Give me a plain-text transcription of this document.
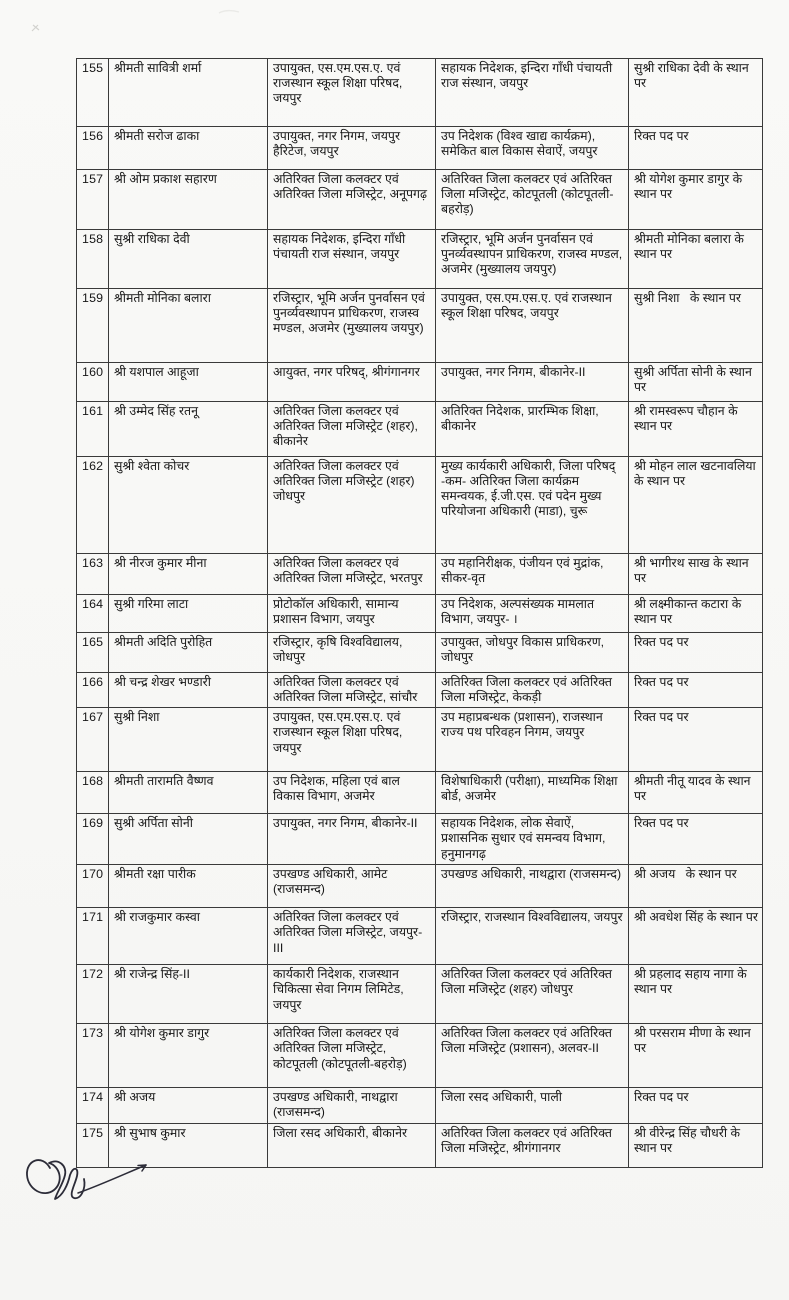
155	श्रीमती सावित्री शर्मा	उपायुक्त, एस.एम.एस.ए. एवं राजस्थान स्कूल शिक्षा परिषद, जयपुर	सहायक निदेशक, इन्दिरा गाँधी पंचायती राज संस्थान, जयपुर	सुश्री राधिका देवी के स्थान पर
156	श्रीमती सरोज ढाका	उपायुक्त, नगर निगम, जयपुर हैरिटेज, जयपुर	उप निदेशक (विश्व खाद्य कार्यक्रम), समेकित बाल विकास सेवाऐं, जयपुर	रिक्त पद पर
157	श्री ओम प्रकाश सहारण	अतिरिक्त जिला कलक्टर एवं अतिरिक्त जिला मजिस्ट्रेट, अनूपगढ़	अतिरिक्त जिला कलक्टर एवं अतिरिक्त जिला मजिस्ट्रेट, कोटपूतली (कोटपूतली-बहरोड़)	श्री योगेश कुमार डागुर के स्थान पर
158	सुश्री राधिका देवी	सहायक निदेशक, इन्दिरा गाँधी पंचायती राज संस्थान, जयपुर	रजिस्ट्रार, भूमि अर्जन पुनर्वासन एवं पुनर्व्यवस्थापन प्राधिकरण, राजस्व मण्डल, अजमेर (मुख्यालय जयपुर)	श्रीमती मोनिका बलारा के स्थान पर
159	श्रीमती मोनिका बलारा	रजिस्ट्रार, भूमि अर्जन पुनर्वासन एवं पुनर्व्यवस्थापन प्राधिकरण, राजस्व मण्डल, अजमेर (मुख्यालय जयपुर)	उपायुक्त, एस.एम.एस.ए. एवं राजस्थान स्कूल शिक्षा परिषद, जयपुर	सुश्री निशा   के स्थान पर
160	श्री यशपाल आहूजा	आयुक्त, नगर परिषद्, श्रीगंगानगर	उपायुक्त, नगर निगम, बीकानेर-II	सुश्री अर्पिता सोनी के स्थान पर
161	श्री उम्मेद सिंह रतनू	अतिरिक्त जिला कलक्टर एवं अतिरिक्त जिला मजिस्ट्रेट (शहर), बीकानेर	अतिरिक्त निदेशक, प्रारम्भिक शिक्षा, बीकानेर	श्री रामस्वरूप चौहान के स्थान पर
162	सुश्री श्वेता कोचर	अतिरिक्त जिला कलक्टर एवं अतिरिक्त जिला मजिस्ट्रेट (शहर) जोधपुर	मुख्य कार्यकारी अधिकारी, जिला परिषद् -कम- अतिरिक्त जिला कार्यक्रम समन्वयक, ई.जी.एस. एवं पदेन मुख्य परियोजना अधिकारी (माडा), चुरू	श्री मोहन लाल खटनावलिया के स्थान पर
163	श्री नीरज कुमार मीना	अतिरिक्त जिला कलक्टर एवं अतिरिक्त जिला मजिस्ट्रेट, भरतपुर	उप महानिरीक्षक, पंजीयन एवं मुद्रांक, सीकर-वृत	श्री भागीरथ साख के स्थान पर
164	सुश्री गरिमा लाटा	प्रोटोकॉल अधिकारी, सामान्य प्रशासन विभाग, जयपुर	उप निदेशक, अल्पसंख्यक मामलात विभाग, जयपुर- ।	श्री लक्ष्मीकान्त कटारा के स्थान पर
165	श्रीमती अदिति पुरोहित	रजिस्ट्रार, कृषि विश्वविद्यालय, जोधपुर	उपायुक्त, जोधपुर विकास प्राधिकरण, जोधपुर	रिक्त पद पर
166	श्री चन्द्र शेखर भण्डारी	अतिरिक्त जिला कलक्टर एवं अतिरिक्त जिला मजिस्ट्रेट, सांचौर	अतिरिक्त जिला कलक्टर एवं अतिरिक्त जिला मजिस्ट्रेट, केकड़ी	रिक्त पद पर
167	सुश्री निशा	उपायुक्त, एस.एम.एस.ए. एवं राजस्थान स्कूल शिक्षा परिषद, जयपुर	उप महाप्रबन्धक (प्रशासन), राजस्थान राज्य पथ परिवहन निगम, जयपुर	रिक्त पद पर
168	श्रीमती तारामति वैष्णव	उप निदेशक, महिला एवं बाल विकास विभाग, अजमेर	विशेषाधिकारी (परीक्षा), माध्यमिक शिक्षा बोर्ड, अजमेर	श्रीमती नीतू यादव के स्थान पर
169	सुश्री अर्पिता सोनी	उपायुक्त, नगर निगम, बीकानेर-II	सहायक निदेशक, लोक सेवाऐं, प्रशासनिक सुधार एवं समन्वय विभाग, हनुमानगढ़	रिक्त पद पर
170	श्रीमती रक्षा पारीक	उपखण्ड अधिकारी, आमेट (राजसमन्द)	उपखण्ड अधिकारी, नाथद्वारा (राजसमन्द)	श्री अजय   के स्थान पर
171	श्री राजकुमार कस्वा	अतिरिक्त जिला कलक्टर एवं अतिरिक्त जिला मजिस्ट्रेट, जयपुर-III	रजिस्ट्रार, राजस्थान विश्वविद्यालय, जयपुर	श्री अवधेश सिंह के स्थान पर
172	श्री राजेन्द्र सिंह-II	कार्यकारी निदेशक, राजस्थान चिकित्सा सेवा निगम लिमिटेड, जयपुर	अतिरिक्त जिला कलक्टर एवं अतिरिक्त जिला मजिस्ट्रेट (शहर) जोधपुर	श्री प्रहलाद सहाय नागा के स्थान पर
173	श्री योगेश कुमार डागुर	अतिरिक्त जिला कलक्टर एवं अतिरिक्त जिला मजिस्ट्रेट, कोटपूतली (कोटपूतली-बहरोड़)	अतिरिक्त जिला कलक्टर एवं अतिरिक्त जिला मजिस्ट्रेट (प्रशासन), अलवर-II	श्री परसराम मीणा के स्थान पर
174	श्री अजय	उपखण्ड अधिकारी, नाथद्वारा (राजसमन्द)	जिला रसद अधिकारी, पाली	रिक्त पद पर
175	श्री सुभाष कुमार	जिला रसद अधिकारी, बीकानेर	अतिरिक्त जिला कलक्टर एवं अतिरिक्त जिला मजिस्ट्रेट, श्रीगंगानगर	श्री वीरेन्द्र सिंह चौधरी के स्थान पर
